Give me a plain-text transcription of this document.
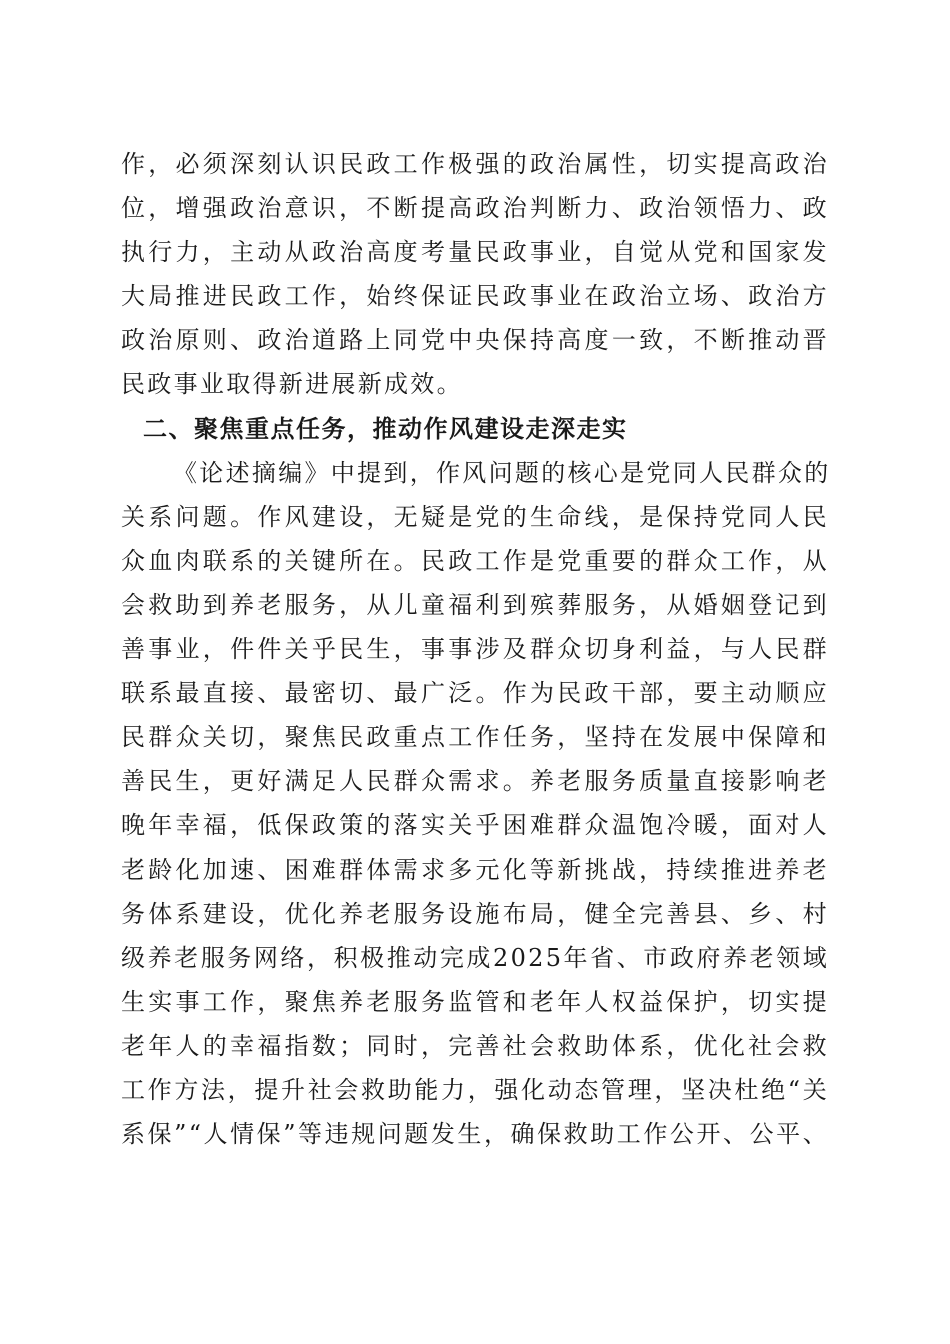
作，必须深刻认识民政工作极强的政治属性，切实提高政治
位，增强政治意识，不断提高政治判断力、政治领悟力、政
执行力，主动从政治高度考量民政事业，自觉从党和国家发
大局推进民政工作，始终保证民政事业在政治立场、政治方
政治原则、政治道路上同党中央保持高度一致，不断推动晋
民政事业取得新进展新成效。
二、聚焦重点任务，推动作风建设走深走实
《论述摘编》中提到，作风问题的核心是党同人民群众的
关系问题。作风建设，无疑是党的生命线，是保持党同人民
众血肉联系的关键所在。民政工作是党重要的群众工作，从
会救助到养老服务，从儿童福利到殡葬服务，从婚姻登记到
善事业，件件关乎民生，事事涉及群众切身利益，与人民群
联系最直接、最密切、最广泛。作为民政干部，要主动顺应
民群众关切，聚焦民政重点工作任务，坚持在发展中保障和
善民生，更好满足人民群众需求。养老服务质量直接影响老
晚年幸福，低保政策的落实关乎困难群众温饱冷暖，面对人
老龄化加速、困难群体需求多元化等新挑战，持续推进养老
务体系建设，优化养老服务设施布局，健全完善县、乡、村
级养老服务网络，积极推动完成2025年省、市政府养老领域
生实事工作，聚焦养老服务监管和老年人权益保护，切实提
老年人的幸福指数；同时，完善社会救助体系，优化社会救
工作方法，提升社会救助能力，强化动态管理，坚决杜绝“关
系保”“人情保”等违规问题发生，确保救助工作公开、公平、
